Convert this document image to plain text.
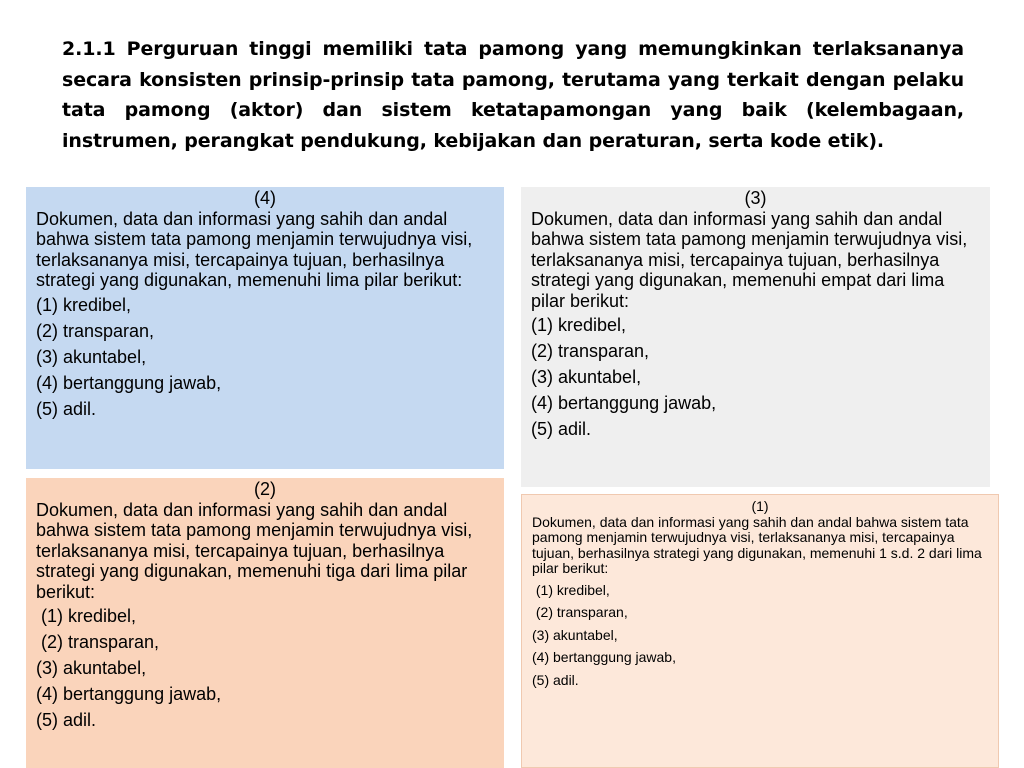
2.1.1 Perguruan tinggi memiliki tata pamong yang memungkinkan terlaksananya secara konsisten prinsip-prinsip tata pamong, terutama yang terkait dengan pelaku tata pamong (aktor) dan sistem ketatapamongan yang baik (kelembagaan, instrumen, perangkat pendukung, kebijakan dan peraturan, serta kode etik).
(4)

Dokumen, data dan informasi yang sahih dan andal bahwa sistem tata pamong menjamin terwujudnya visi, terlaksananya misi, tercapainya tujuan, berhasilnya strategi yang digunakan, memenuhi lima pilar berikut:

(1) kredibel,
(2) transparan,
(3) akuntabel,
(4) bertanggung jawab,
(5) adil.
(3)

Dokumen, data dan informasi yang sahih dan andal bahwa sistem tata pamong menjamin terwujudnya visi, terlaksananya misi, tercapainya tujuan, berhasilnya strategi yang digunakan, memenuhi empat dari lima pilar berikut:

(1) kredibel,
(2) transparan,
(3) akuntabel,
(4) bertanggung jawab,
(5) adil.
(2)

Dokumen, data dan informasi yang sahih dan andal bahwa sistem tata pamong menjamin terwujudnya visi, terlaksananya misi, tercapainya tujuan, berhasilnya strategi yang digunakan, memenuhi tiga dari lima pilar berikut:

(1) kredibel,
(2) transparan,
(3) akuntabel,
(4) bertanggung jawab,
(5) adil.
(1)

Dokumen, data dan informasi yang sahih dan andal bahwa sistem tata pamong menjamin terwujudnya visi, terlaksananya misi, tercapainya tujuan, berhasilnya strategi yang digunakan, memenuhi 1 s.d. 2 dari lima pilar berikut:

(1) kredibel,
(2) transparan,
(3) akuntabel,
(4) bertanggung jawab,
(5) adil.
